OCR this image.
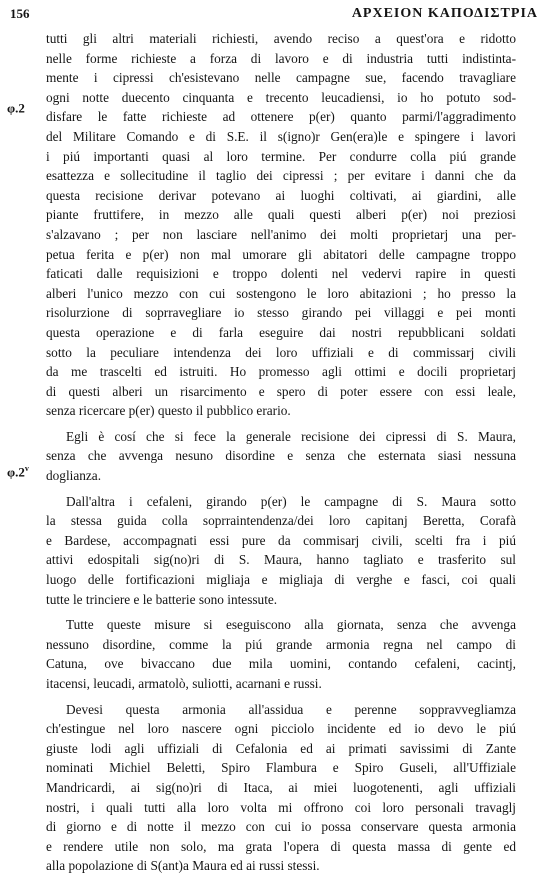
156	ΑΡΧΕΙΟΝ ΚΑΠΟΔΙΣΤΡΙΑ
φ.2
φ.2$^v$
tutti gli altri materiali richiesti, avendo reciso a quest'ora e ridotto
nelle forme richieste a forza di lavoro e di industria tutti indistinta-
mente i cipressi ch'esistevano nelle campagne sue, facendo travagliare
ogni notte duecento cinquanta e trecento leucadiensi, io ho potuto sod-
disfare le fatte richieste ad ottenere p(er) quanto parmi/l'aggradimento
del Militare Comando e di S.E. il s(igno)r Gen(era)le e spingere i lavori
i piú importanti quasi al loro termine. Per condurre colla piú grande
esattezza e sollecitudine il taglio dei cipressi ; per evitare i danni che da
questa recisione derivar potevano ai luoghi coltivati, ai giardini, alle
piante fruttifere, in mezzo alle quali questi alberi p(er) noi preziosi
s'alzavano ; per non lasciare nell'animo dei molti proprietarj una per-
petua ferita e p(er) non mal umorare gli abitatori delle campagne troppo
faticati dalle requisizioni e troppo dolenti nel vedervi rapire in questi
alberi l'unico mezzo con cui sostengono le loro abitazioni ; ho presso la
risolurzione di soprravegliare io stesso girando pei villaggi e pei monti
questa operazione e di farla eseguire dai nostri repubblicani soldati
sotto la peculiare intendenza dei loro uffiziali e di commissarj civili
da me trascelti ed istruiti. Ho promesso agli ottimi e docili proprietarj
di questi alberi un risarcimento e spero di poter essere con essi leale,
senza ricercare p(er) questo il pubblico erario.
Egli è cosí che si fece la generale recisione dei cipressi di S. Maura,
senza che avvenga nesuno disordine e senza che esternata siasi nessuna
doglianza.
Dall'altra i cefaleni, girando p(er) le campagne di S. Maura sotto
la stessa guida colla soprraintendenza/dei loro capitanj Beretta, Corafà
e Bardese, accompagnati essi pure da commisarj civili, scelti fra i piú
attivi edospitali sig(no)ri di S. Maura, hanno tagliato e trasferito sul
luogo delle fortificazioni migliaja e migliaja di verghe e fasci, coi quali
tutte le trinciere e le batterie sono intessute.
Tutte queste misure si eseguiscono alla giornata, senza che avvenga
nessuno disordine, comme la piú grande armonia regna nel campo di
Catuna, ove bivaccano due mila uomini, contando cefaleni, cacintj,
itacensi, leucadi, armatolò, suliotti, acarnani e russi.
Devesi questa armonia all'assidua e perenne soppravvegliamza
ch'estingue nel loro nascere ogni picciolo incidente ed io devo le piú
giuste lodi agli uffiziali di Cefalonia ed ai primati savissimi di Zante
nominati Michiel Beletti, Spiro Flambura e Spiro Guseli, all'Uffiziale
Mandricardi, ai sig(no)ri di Itaca, ai miei luogotenenti, agli uffiziali
nostri, i quali tutti alla loro volta mi offrono coi loro personali travaglj
di giorno e di notte il mezzo con cui io possa conservare questa armonia
e rendere utile non solo, ma grata l'opera di questa massa di gente ed
alla popolazione di S(ant)a Maura ed ai russi stessi.
